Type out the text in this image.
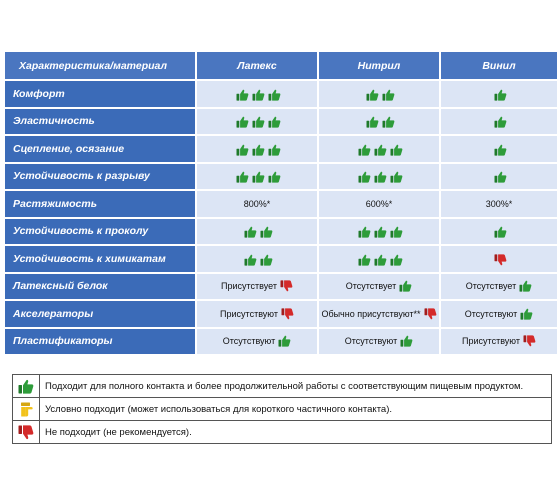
Характеристика/материал	Латекс	Нитрил	Винил
Комфорт	

Эластичность	

Сцепление, осязание	

Устойчивость к разрыву	

Растяжимость	800%*	600%*	300%*

Устойчивость к проколу	

Устойчивость к химикатам	

Латексный белок	Присутствует	Отсутствует	Отсутствует

Акселераторы	Присутствуют	Обычно присутствуют**	Отсутствуют

Пластификаторы	Отсутствуют	Отсутствуют	Присутствуют
	Подходит для полного контакта и более продолжительной работы с соответствующим пищевым продуктом.

	Условно подходит (может использоваться для короткого частичного контакта).

	Не подходит (не рекомендуется).
